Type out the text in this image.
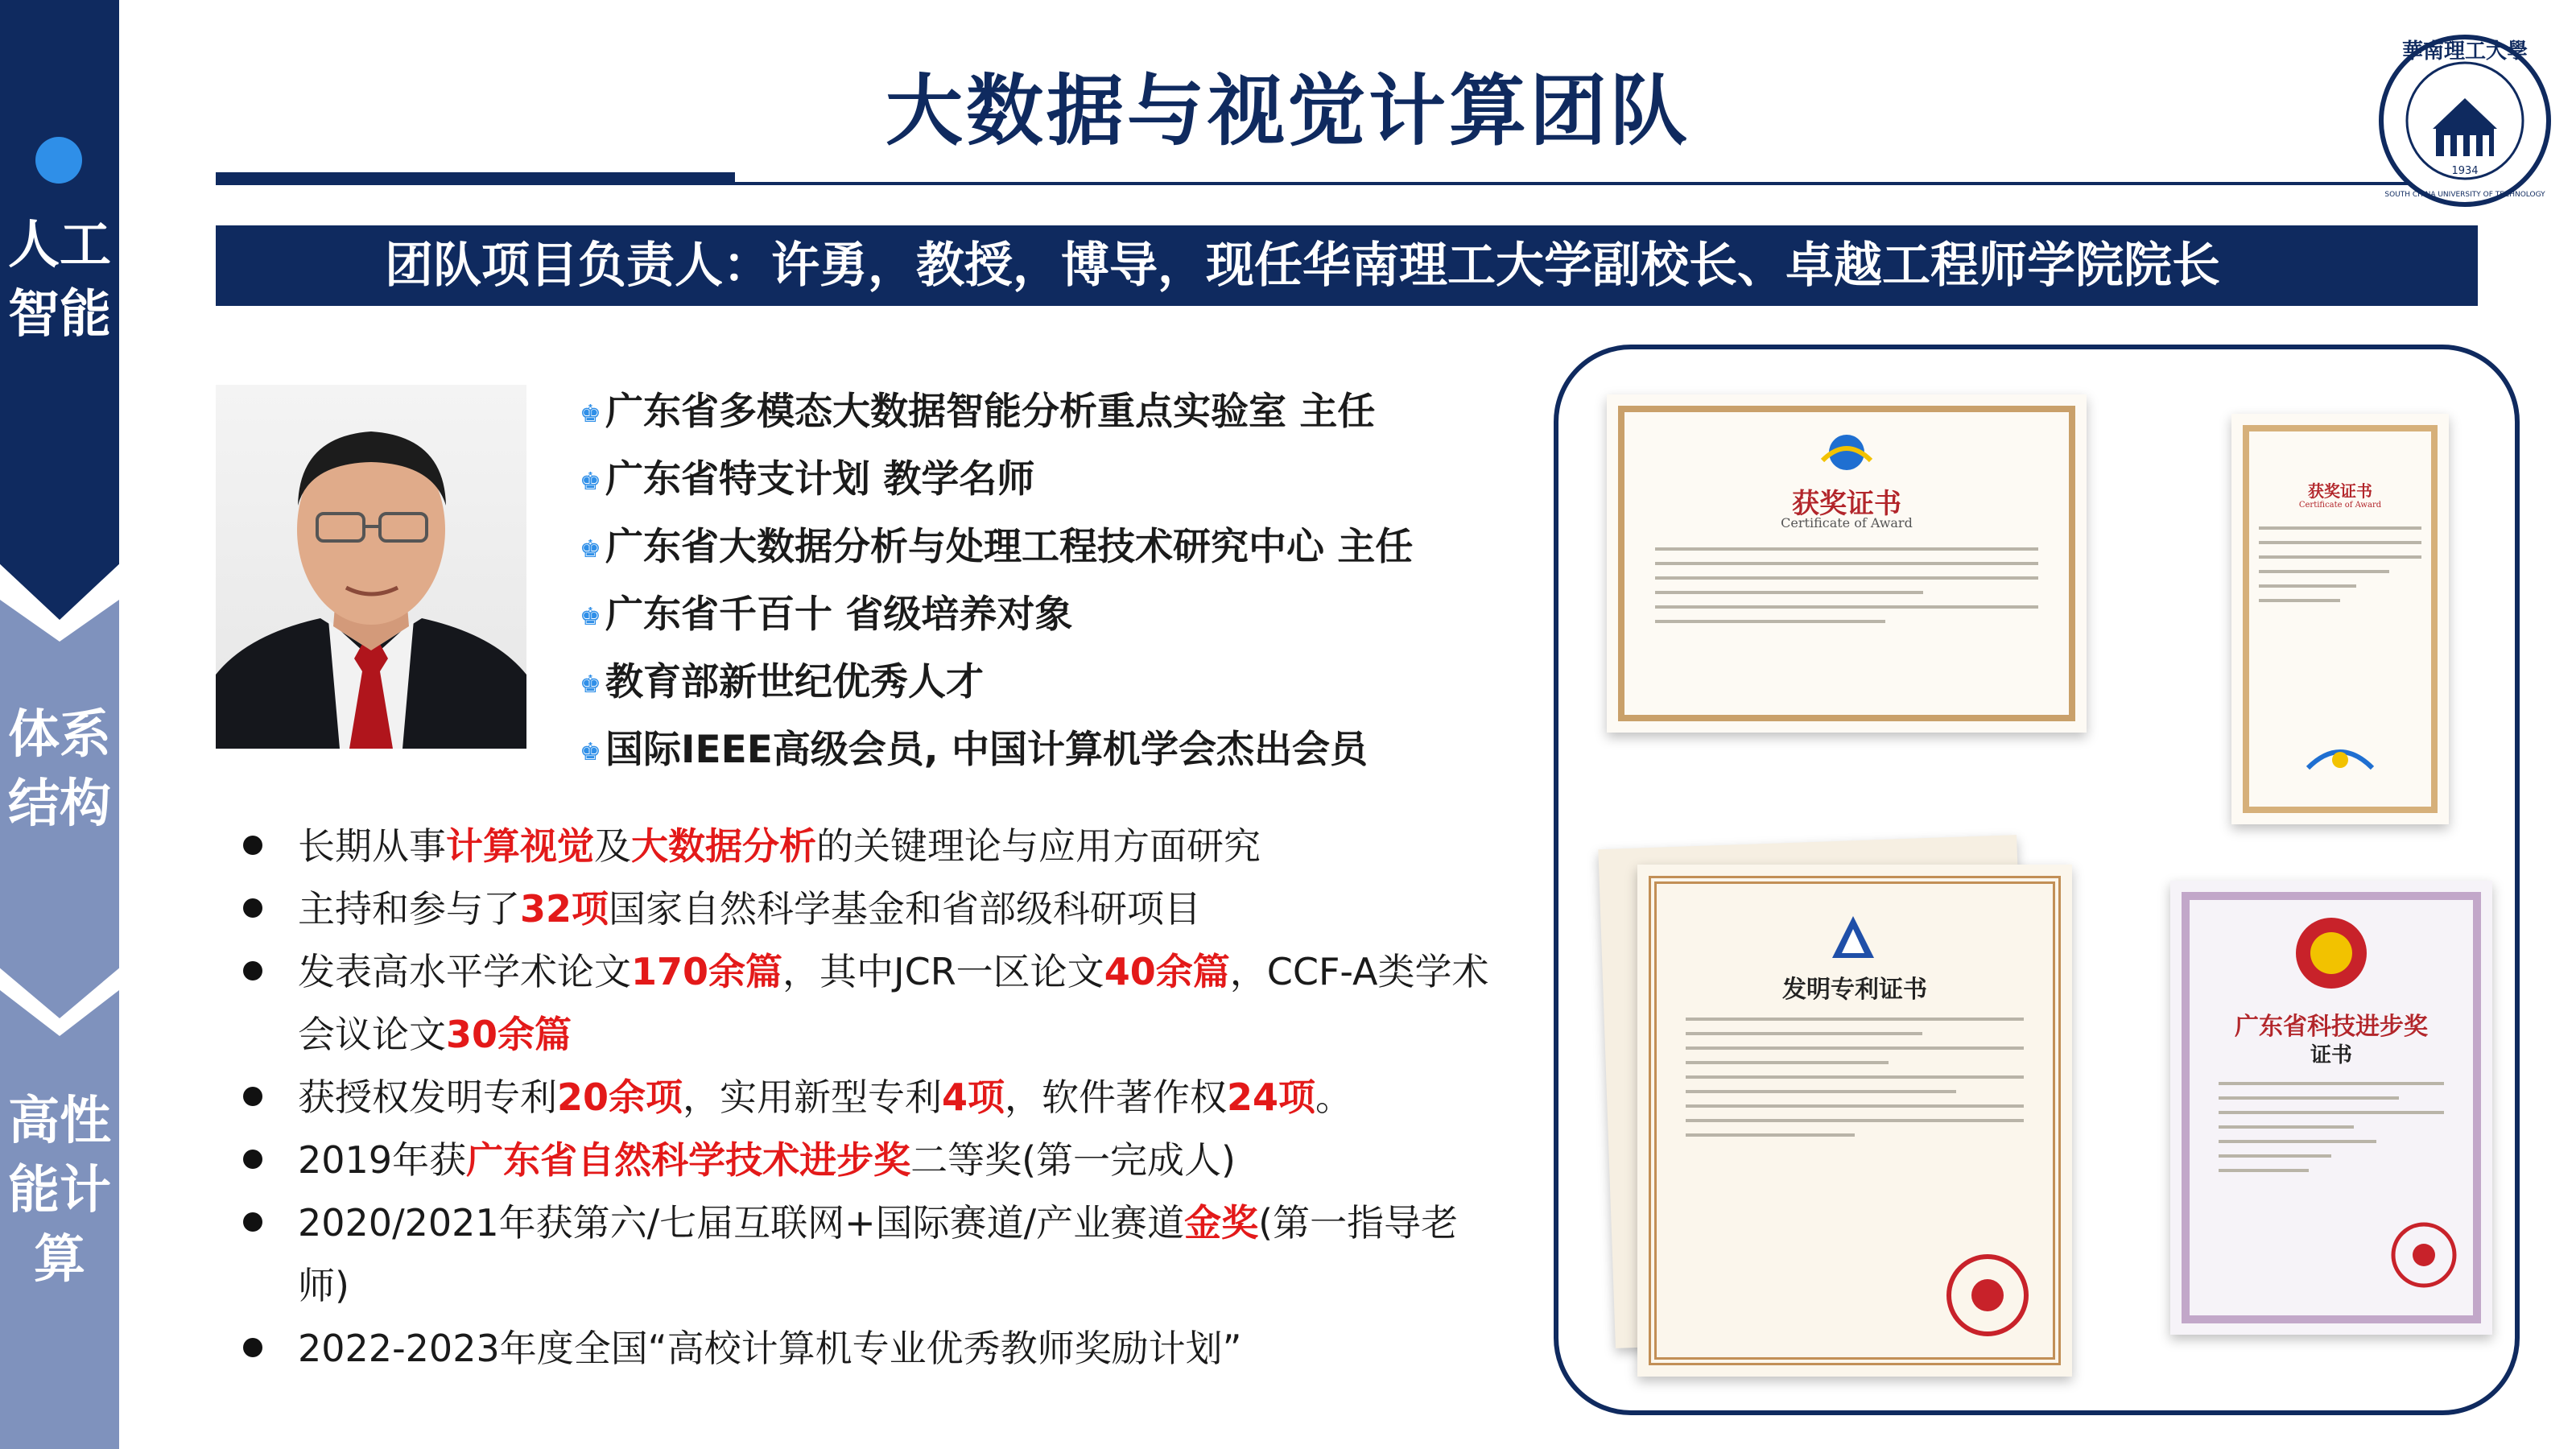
人工智能
体系结构
高性能计算
大数据与视觉计算团队
華南理工大學
SOUTH CHINA UNIVERSITY OF TECHNOLOGY
1934
团队项目负责人：许勇，教授，博导，现任华南理工大学副校长、卓越工程师学院院长
♚ 广东省多模态大数据智能分析重点实验室 主任
♚ 广东省特支计划 教学名师
♚ 广东省大数据分析与处理工程技术研究中心 主任
♚ 广东省千百十 省级培养对象
♚ 教育部新世纪优秀人才
♚ 国际IEEE高级会员, 中国计算机学会杰出会员
长期从事计算视觉及大数据分析的关键理论与应用方面研究
主持和参与了32项国家自然科学基金和省部级科研项目
发表高水平学术论文170余篇，其中JCR一区论文40余篇，CCF-A类学术会议论文30余篇
获授权发明专利20余项，实用新型专利4项，软件著作权24项。
2019年获广东省自然科学技术进步奖二等奖(第一完成人)
2020/2021年获第六/七届互联网+国际赛道/产业赛道金奖(第一指导老师)
2022-2023年度全国“高校计算机专业优秀教师奖励计划”
获奖证书
Certificate of Award
获奖证书
Certificate of Award
发明专利证书
广东省科技进步奖
证书
